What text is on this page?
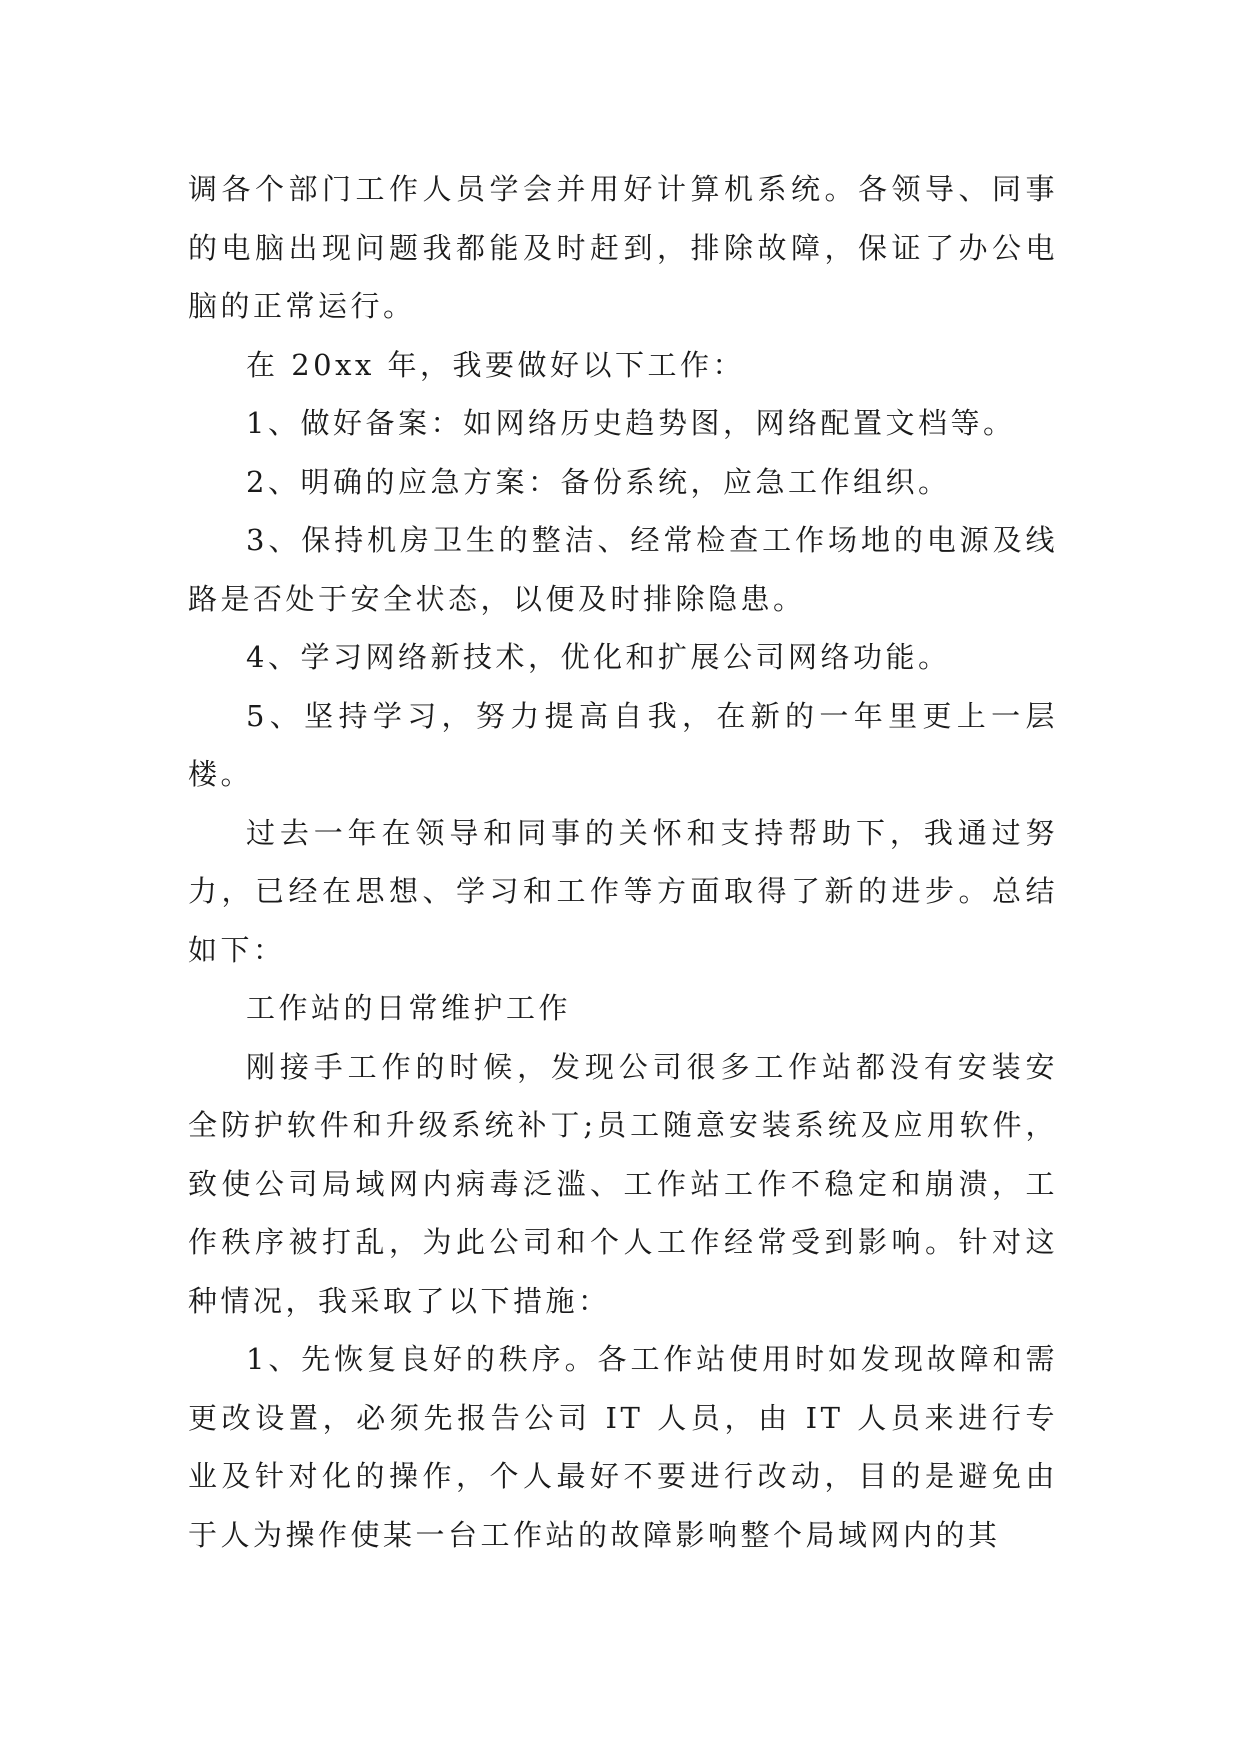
调各个部门工作人员学会并用好计算机系统。各领导、同事的电脑出现问题我都能及时赶到，排除故障，保证了办公电脑的正常运行。

在 20xx 年，我要做好以下工作：

1、做好备案：如网络历史趋势图，网络配置文档等。

2、明确的应急方案：备份系统，应急工作组织。

3、保持机房卫生的整洁、经常检查工作场地的电源及线路是否处于安全状态，以便及时排除隐患。

4、学习网络新技术，优化和扩展公司网络功能。

5、坚持学习，努力提高自我，在新的一年里更上一层楼。

过去一年在领导和同事的关怀和支持帮助下，我通过努力，已经在思想、学习和工作等方面取得了新的进步。总结如下：

工作站的日常维护工作

刚接手工作的时候，发现公司很多工作站都没有安装安全防护软件和升级系统补丁;员工随意安装系统及应用软件，致使公司局域网内病毒泛滥、工作站工作不稳定和崩溃，工作秩序被打乱，为此公司和个人工作经常受到影响。针对这种情况，我采取了以下措施：

1、先恢复良好的秩序。各工作站使用时如发现故障和需更改设置，必须先报告公司 IT 人员，由 IT 人员来进行专业及针对化的操作，个人最好不要进行改动，目的是避免由于人为操作使某一台工作站的故障影响整个局域网内的其
